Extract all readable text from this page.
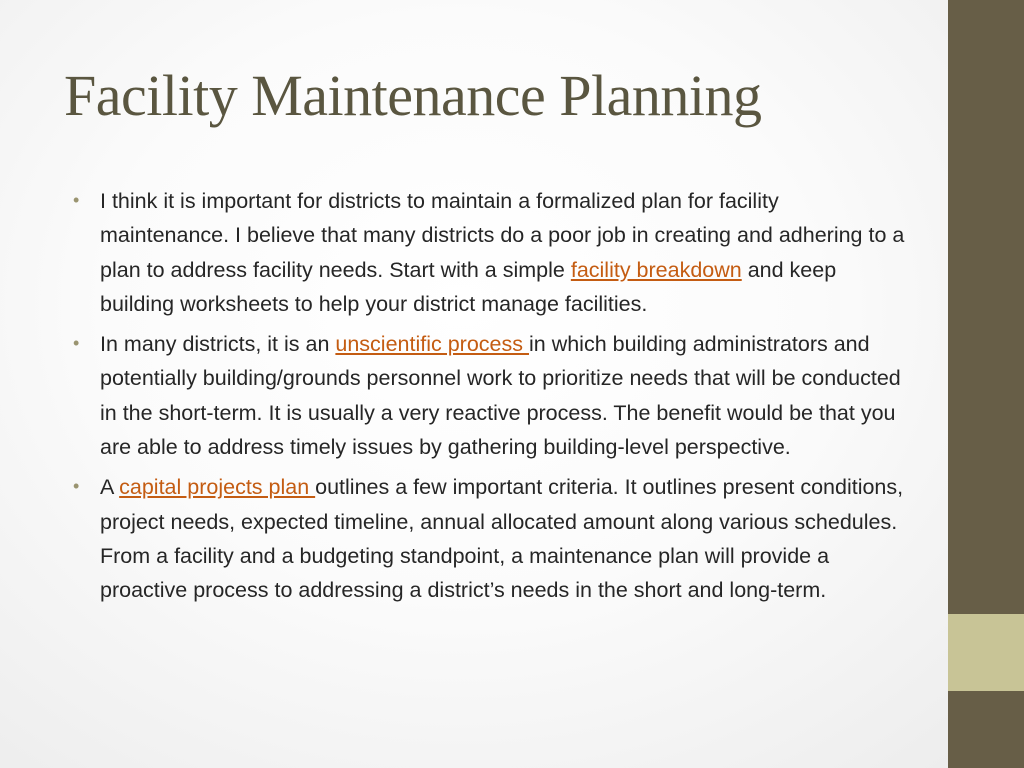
Facility Maintenance Planning
• I think it is important for districts to maintain a formalized plan for facility maintenance. I believe that many districts do a poor job in creating and adhering to a plan to address facility needs. Start with a simple facility breakdown and keep building worksheets to help your district manage facilities.
• In many districts, it is an unscientific process in which building administrators and potentially building/grounds personnel work to prioritize needs that will be conducted in the short-term. It is usually a very reactive process. The benefit would be that you are able to address timely issues by gathering building-level perspective.
• A capital projects plan outlines a few important criteria. It outlines present conditions, project needs, expected timeline, annual allocated amount along various schedules. From a facility and a budgeting standpoint, a maintenance plan will provide a proactive process to addressing a district’s needs in the short and long-term.
